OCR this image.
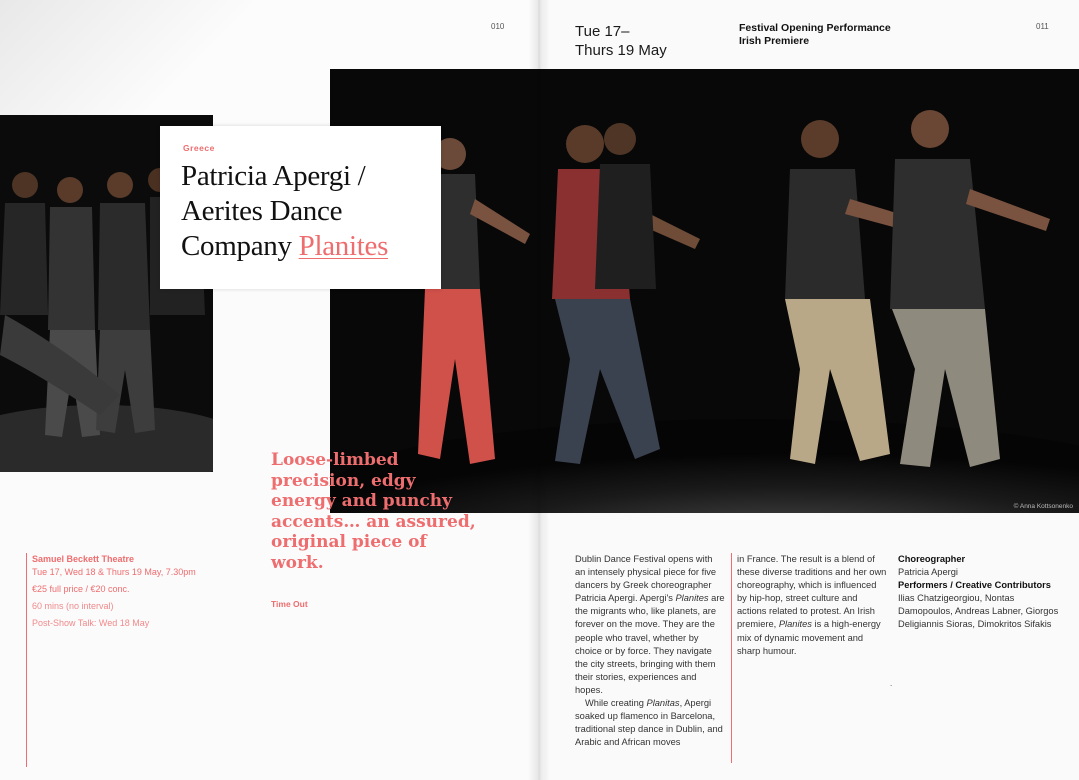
010	011
Tue 17–
Thurs 19 May
Festival Opening Performance
Irish Premiere
© Anna Kottsonenko
Greece
Patricia Apergi / Aerites Dance Company Planites
Loose-limbed precision, edgy energy and punchy accents… an assured, original piece of work.
Time Out
Samuel Beckett Theatre
Tue 17, Wed 18 & Thurs 19 May, 7.30pm
€25 full price / €20 conc.
60 mins (no interval)
Post-Show Talk: Wed 18 May

Dublin Dance Festival opens with an intensely physical piece for five dancers by Greek choreographer Patricia Apergi. Apergi's Planites are the migrants who, like planets, are forever on the move. They are the people who travel, whether by choice or by force. They navigate the city streets, bringing with them their stories, experiences and hopes.

While creating Planitas, Apergi soaked up flamenco in Barcelona, traditional step dance in Dublin, and Arabic and African moves

in France. The result is a blend of these diverse traditions and her own choreography, which is influenced by hip-hop, street culture and actions related to protest. An Irish premiere, Planites is a high-energy mix of dynamic movement and sharp humour.

.
Choreographer
Patricia Apergi
Performers / Creative Contributors Ilias Chatzigeorgiou, Nontas Damopoulos, Andreas Labner, Giorgos Deligiannis Sioras, Dimokritos Sifakis
